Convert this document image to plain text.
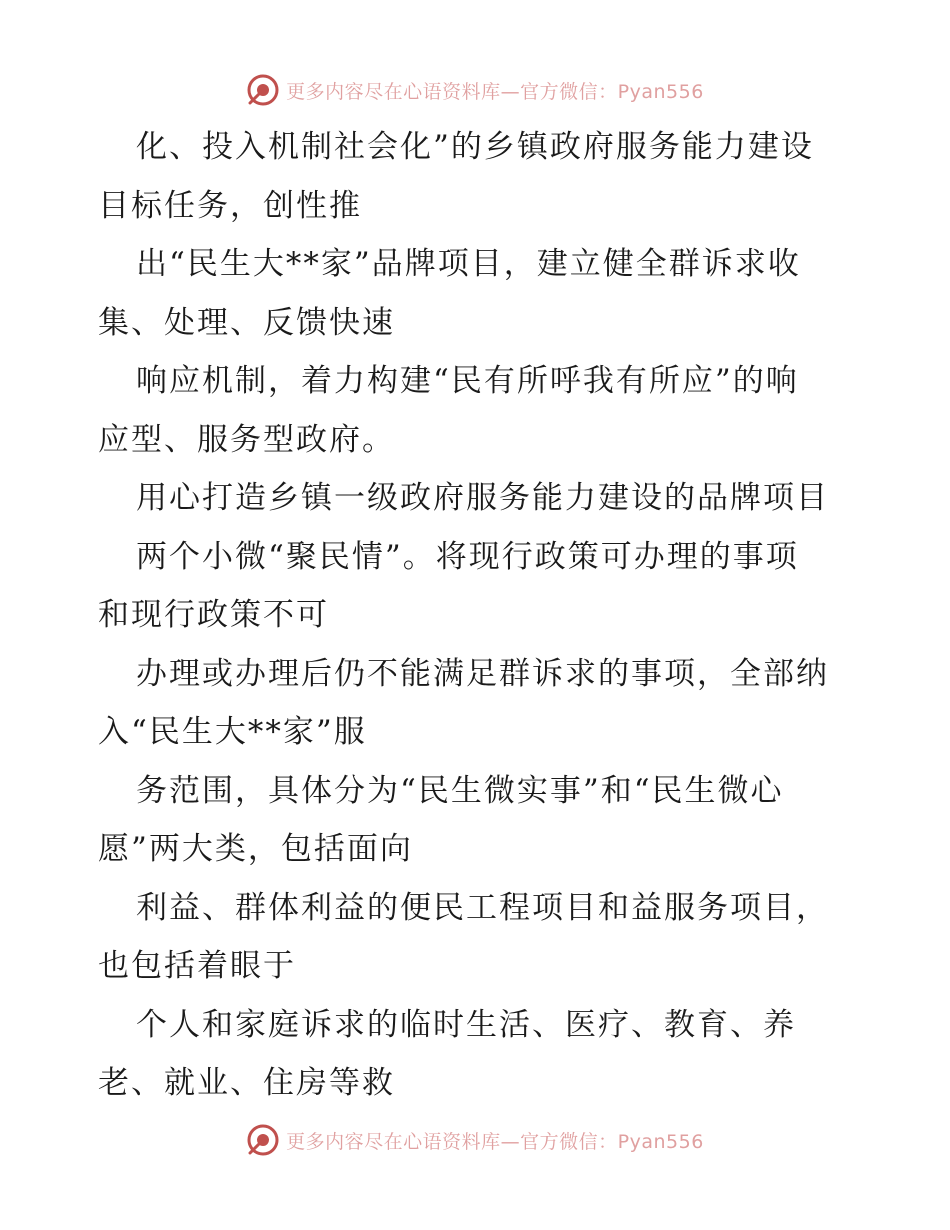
更多内容尽在心语资料库—官方微信：Pyan556

化、投入机制社会化”的乡镇政府服务能力建设

目标任务，创性推

出“民生大**家”品牌项目，建立健全群诉求收

集、处理、反馈快速

响应机制，着力构建“民有所呼我有所应”的响

应型、服务型政府。

用心打造乡镇一级政府服务能力建设的品牌项目

两个小微“聚民情”。将现行政策可办理的事项

和现行政策不可

办理或办理后仍不能满足群诉求的事项，全部纳

入“民生大**家”服

务范围，具体分为“民生微实事”和“民生微心

愿”两大类，包括面向

利益、群体利益的便民工程项目和益服务项目，

也包括着眼于

个人和家庭诉求的临时生活、医疗、教育、养

老、就业、住房等救

更多内容尽在心语资料库—官方微信：Pyan556
